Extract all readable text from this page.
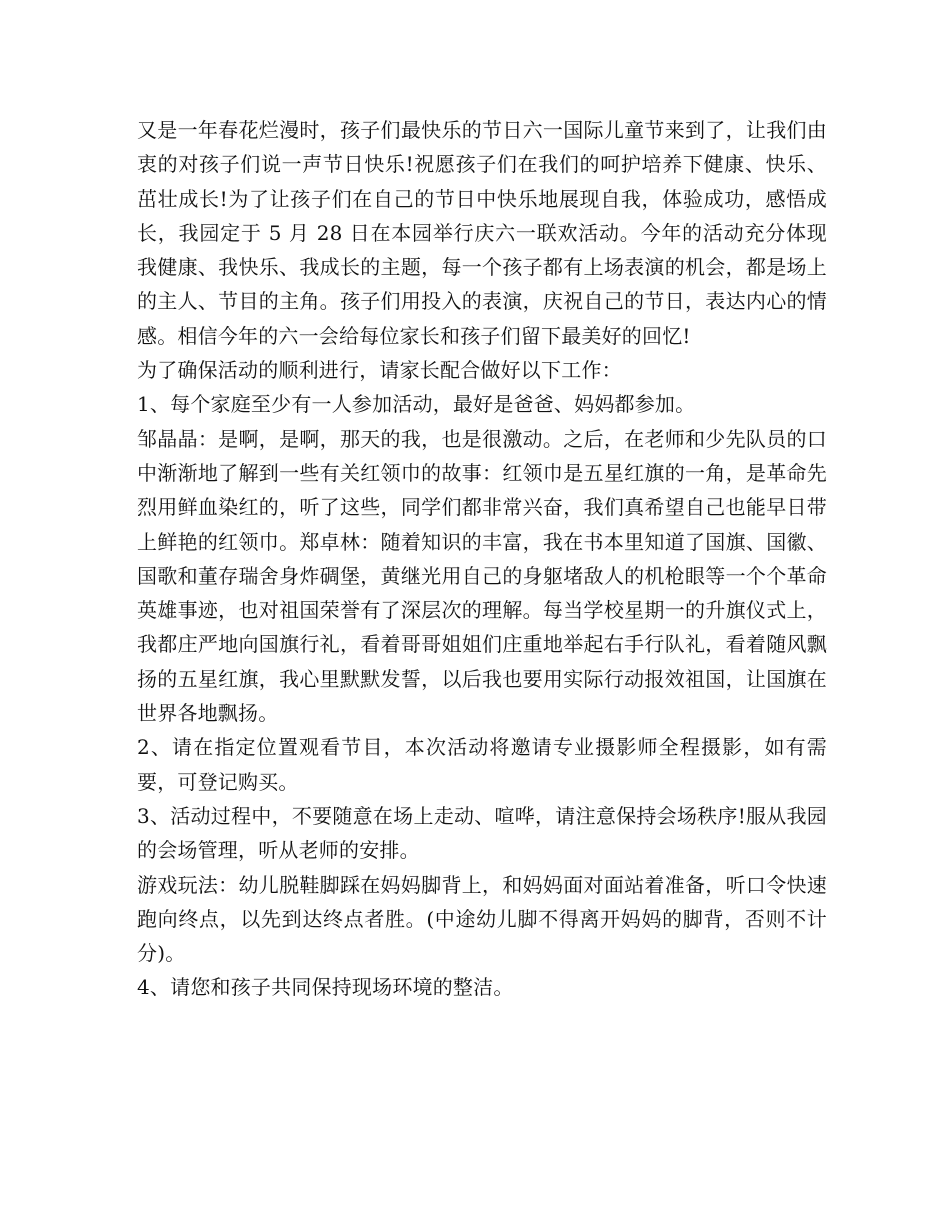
又是一年春花烂漫时，孩子们最快乐的节日六一国际儿童节来到了，让我们由衷的对孩子们说一声节日快乐!祝愿孩子们在我们的呵护培养下健康、快乐、茁壮成长!为了让孩子们在自己的节日中快乐地展现自我，体验成功，感悟成长，我园定于 5 月 28 日在本园举行庆六一联欢活动。今年的活动充分体现我健康、我快乐、我成长的主题，每一个孩子都有上场表演的机会，都是场上的主人、节目的主角。孩子们用投入的表演，庆祝自己的节日，表达内心的情感。相信今年的六一会给每位家长和孩子们留下最美好的回忆!

为了确保活动的顺利进行，请家长配合做好以下工作：

1、每个家庭至少有一人参加活动，最好是爸爸、妈妈都参加。

邹晶晶：是啊，是啊，那天的我，也是很激动。之后，在老师和少先队员的口中渐渐地了解到一些有关红领巾的故事：红领巾是五星红旗的一角，是革命先烈用鲜血染红的，听了这些，同学们都非常兴奋，我们真希望自己也能早日带上鲜艳的红领巾。郑卓林：随着知识的丰富，我在书本里知道了国旗、国徽、国歌和董存瑞舍身炸碉堡，黄继光用自己的身躯堵敌人的机枪眼等一个个革命英雄事迹，也对祖国荣誉有了深层次的理解。每当学校星期一的升旗仪式上，我都庄严地向国旗行礼，看着哥哥姐姐们庄重地举起右手行队礼，看着随风飘扬的五星红旗，我心里默默发誓，以后我也要用实际行动报效祖国，让国旗在世界各地飘扬。

2、请在指定位置观看节目，本次活动将邀请专业摄影师全程摄影，如有需要，可登记购买。

3、活动过程中，不要随意在场上走动、喧哗，请注意保持会场秩序!服从我园的会场管理，听从老师的安排。

游戏玩法：幼儿脱鞋脚踩在妈妈脚背上，和妈妈面对面站着准备，听口令快速跑向终点，以先到达终点者胜。(中途幼儿脚不得离开妈妈的脚背，否则不计分)。

4、请您和孩子共同保持现场环境的整洁。
